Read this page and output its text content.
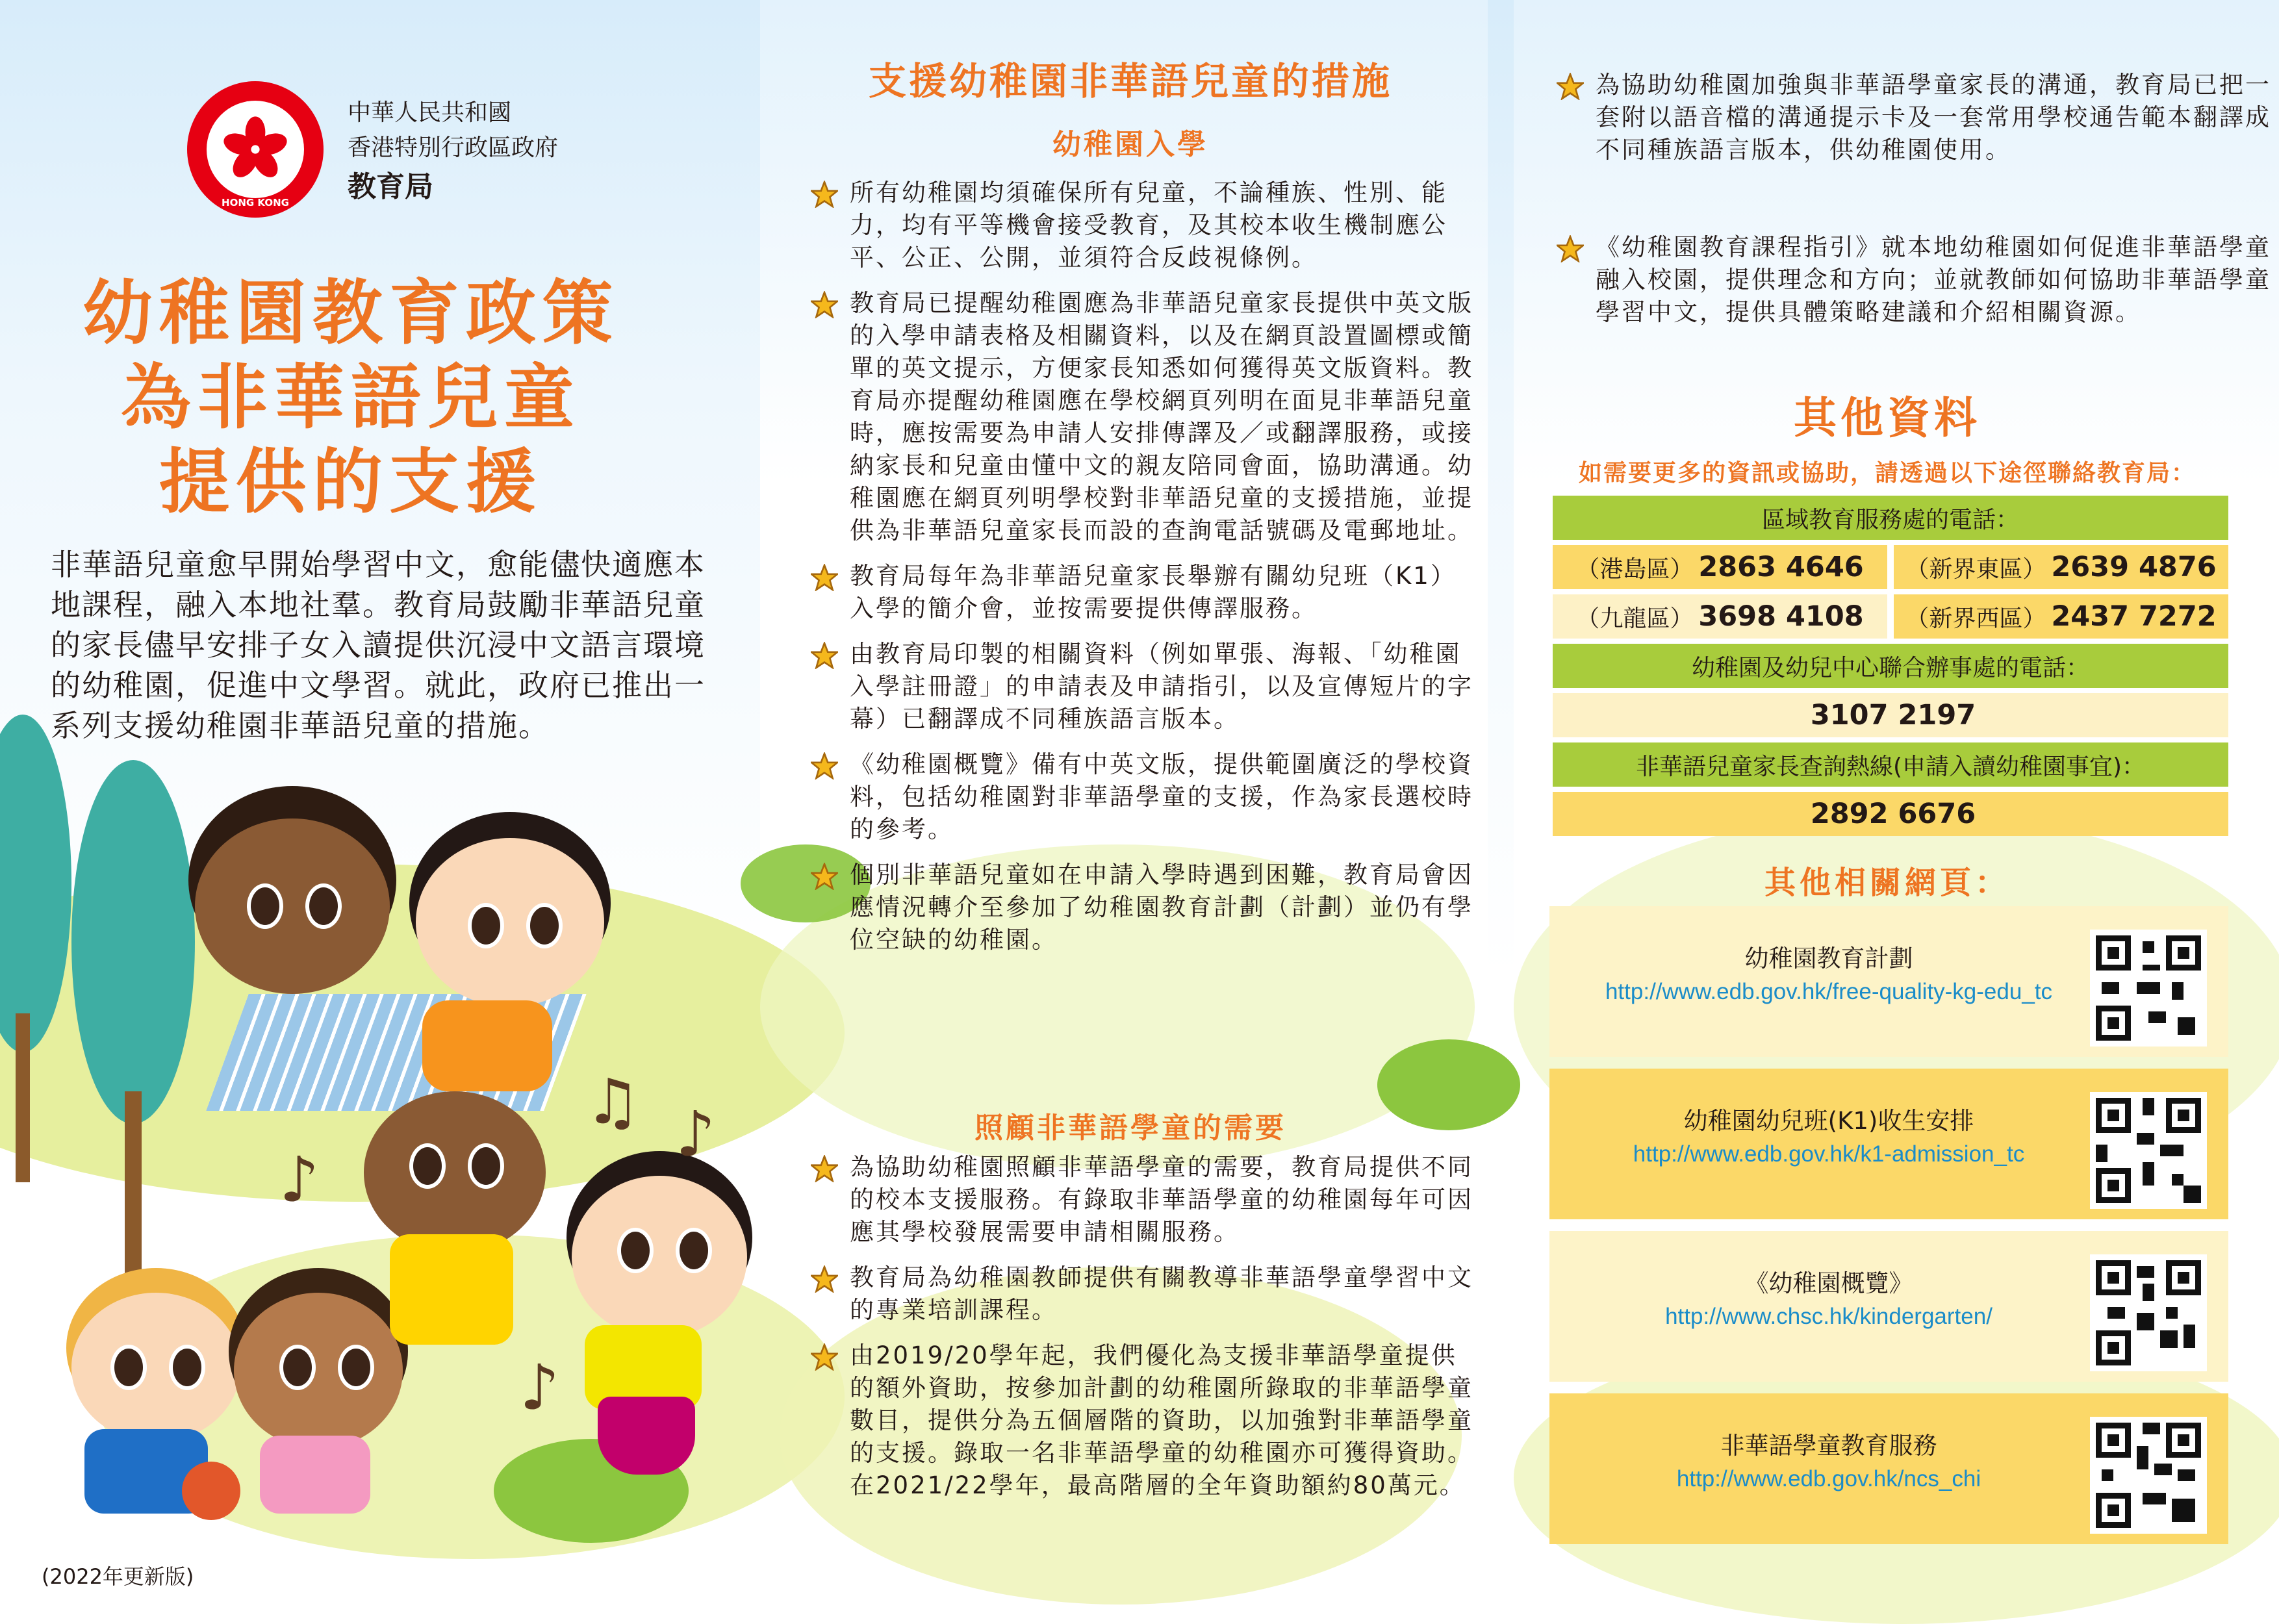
♫ ♪
♪
♪
HONG KONG
中華人民共和國
香港特別行政區政府
教育局
幼稚園教育政策
為非華語兒童
提供的支援
非華語兒童愈早開始學習中文，愈能儘快適應本地課程，融入本地社羣。教育局鼓勵非華語兒童的家長儘早安排子女入讀提供沉浸中文語言環境的幼稚園，促進中文學習。就此，政府已推出一系列支援幼稚園非華語兒童的措施。
(2022年更新版)
支援幼稚園非華語兒童的措施
幼稚園入學
所有幼稚園均須確保所有兒童，不論種族、性別、能力，均有平等機會接受教育，及其校本收生機制應公平、公正、公開，並須符合反歧視條例。
教育局已提醒幼稚園應為非華語兒童家長提供中英文版的入學申請表格及相關資料，以及在網頁設置圖標或簡單的英文提示，方便家長知悉如何獲得英文版資料。教育局亦提醒幼稚園應在學校網頁列明在面見非華語兒童時，應按需要為申請人安排傳譯及／或翻譯服務，或接納家長和兒童由懂中文的親友陪同會面，協助溝通。幼稚園應在網頁列明學校對非華語兒童的支援措施，並提供為非華語兒童家長而設的查詢電話號碼及電郵地址。
教育局每年為非華語兒童家長舉辦有關幼兒班（K1）入學的簡介會，並按需要提供傳譯服務。
由教育局印製的相關資料（例如單張、海報、「幼稚園入學註冊證」的申請表及申請指引，以及宣傳短片的字幕）已翻譯成不同種族語言版本。
《幼稚園概覽》備有中英文版，提供範圍廣泛的學校資料，包括幼稚園對非華語學童的支援，作為家長選校時的參考。
個別非華語兒童如在申請入學時遇到困難，教育局會因應情況轉介至參加了幼稚園教育計劃（計劃）並仍有學位空缺的幼稚園。
照顧非華語學童的需要
為協助幼稚園照顧非華語學童的需要，教育局提供不同的校本支援服務。有錄取非華語學童的幼稚園每年可因應其學校發展需要申請相關服務。
教育局為幼稚園教師提供有關教導非華語學童學習中文的專業培訓課程。
由2019/20學年起，我們優化為支援非華語學童提供的額外資助，按參加計劃的幼稚園所錄取的非華語學童數目，提供分為五個層階的資助，以加強對非華語學童的支援。錄取一名非華語學童的幼稚園亦可獲得資助。在2021/22學年，最高階層的全年資助額約80萬元。
為協助幼稚園加強與非華語學童家長的溝通，教育局已把一套附以語音檔的溝通提示卡及一套常用學校通告範本翻譯成不同種族語言版本，供幼稚園使用。
《幼稚園教育課程指引》就本地幼稚園如何促進非華語學童融入校園，提供理念和方向；並就教師如何協助非華語學童學習中文，提供具體策略建議和介紹相關資源。
其他資料
如需要更多的資訊或協助，請透過以下途徑聯絡教育局：
區域教育服務處的電話：
（港島區） 2863 4646 （新界東區） 2639 4876
（九龍區） 3698 4108 （新界西區） 2437 7272
幼稚園及幼兒中心聯合辦事處的電話：
3107 2197
非華語兒童家長查詢熱線(申請入讀幼稚園事宜)：
2892 6676
其他相關網頁：
幼稚園教育計劃
http://www.edb.gov.hk/free-quality-kg-edu_tc
幼稚園幼兒班(K1)收生安排
http://www.edb.gov.hk/k1-admission_tc
《幼稚園概覽》
http://www.chsc.hk/kindergarten/
非華語學童教育服務
http://www.edb.gov.hk/ncs_chi
